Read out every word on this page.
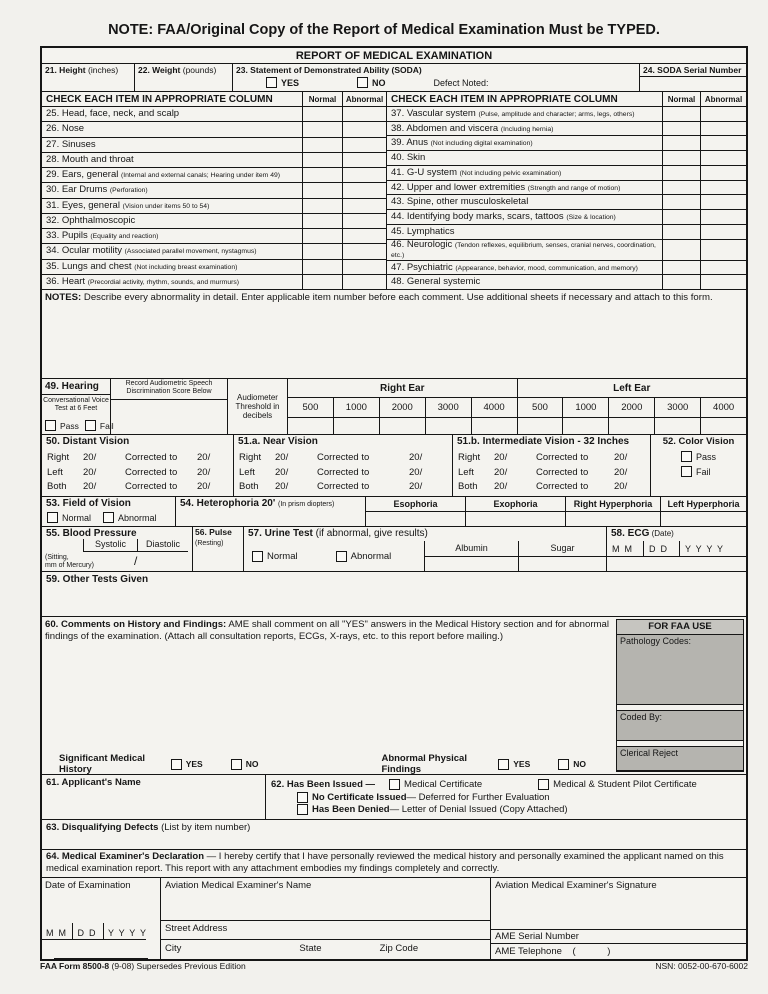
NOTE: FAA/Original Copy of the Report of Medical Examination Must be TYPED.
REPORT OF MEDICAL EXAMINATION
21. Height (inches)	22. Weight (pounds)	23. Statement of Demonstrated Ability (SODA)
YES	NO	Defect Noted:
24. SODA Serial Number
CHECK EACH ITEM IN APPROPRIATE COLUMN	Normal	Abnormal CHECK EACH ITEM IN APPROPRIATE COLUMN	Normal	Abnormal
25. Head, face, neck, and scalp
26. Nose
27. Sinuses
28. Mouth and throat
29. Ears, general (Internal and external canals; Hearing under item 49)
30. Ear Drums (Perforation)
31. Eyes, general (Vision under items 50 to 54)
32. Ophthalmoscopic
33. Pupils (Equality and reaction)
34. Ocular motility (Associated parallel movement, nystagmus)
35. Lungs and chest (Not including breast examination)
36. Heart (Precordial activity, rhythm, sounds, and murmurs)
37. Vascular system (Pulse, amplitude and character; arms, legs, others)
38. Abdomen and viscera (Including hernia)
39. Anus (Not including digital examination)
40. Skin
41. G-U system (Not including pelvic examination)
42. Upper and lower extremities (Strength and range of motion)
43. Spine, other musculoskeletal
44. Identifying body marks, scars, tattoos (Size & location)
45. Lymphatics
46. Neurologic (Tendon reflexes, equilibrium, senses, cranial nerves, coordination, etc.)
47. Psychiatric (Appearance, behavior, mood, communication, and memory)
48. General systemic
NOTES: Describe every abnormality in detail. Enter applicable item number before each comment. Use additional sheets if necessary and attach to this form.
49. Hearing
Conversational Voice Test at 6 Feet
Pass Fail
Record Audiometric Speech Discrimination Score Below
Audiometer Threshold in decibels
Right Ear	Left Ear
500	1000	2000	3000	4000	500	1000	2000	3000	4000
50. Distant Vision
Right	20/	Corrected to	20/
Left	20/	Corrected to	20/
Both	20/	Corrected to	20/
51.a. Near Vision
Right	20/	Corrected to	20/
Left	20/	Corrected to	20/
Both	20/	Corrected to	20/
51.b. Intermediate Vision - 32 Inches
Right	20/	Corrected to	20/
Left	20/	Corrected to	20/
Both	20/	Corrected to	20/
52. Color Vision
Pass
Fail
53. Field of Vision
Normal	Abnormal
54. Heterophoria 20' (In prism diopters)	Esophoria	Exophoria	Right Hyperphoria	Left Hyperphoria
55. Blood Pressure
Systolic	Diastolic
(Sitting,
mm of Mercury)	/
56. Pulse
(Resting)
57. Urine Test (if abnormal, give results)
Normal	Abnormal
Albumin	Sugar
58. ECG (Date)
M  M	D  D	Y  Y  Y  Y
59. Other Tests Given
60. Comments on History and Findings: AME shall comment on all "YES" answers in the Medical History section and for abnormal findings of the examination. (Attach all consultation reports, ECGs, X-rays, etc. to this report before mailing.)
Significant Medical History	YES	NO	Abnormal Physical Findings	YES	NO
FOR FAA USE
Pathology Codes:
Coded By:
Clerical Reject
61. Applicant's Name	62. Has Been Issued —	Medical Certificate	Medical & Student Pilot Certificate
No Certificate Issued — Deferred for Further Evaluation
Has Been Denied — Letter of Denial Issued (Copy Attached)
63. Disqualifying Defects (List by item number)
64. Medical Examiner's Declaration — I hereby certify that I have personally reviewed the medical history and personally examined the applicant named on this medical examination report. This report with any attachment embodies my findings completely and correctly.
Date of Examination
M  M	D  D	Y  Y  Y  Y
Aviation Medical Examiner's Name
Street Address
City	State	Zip Code
Aviation Medical Examiner's Signature
AME Serial Number
AME Telephone    (            )
FAA Form 8500-8 (9-08) Supersedes Previous Edition	NSN: 0052-00-670-6002
